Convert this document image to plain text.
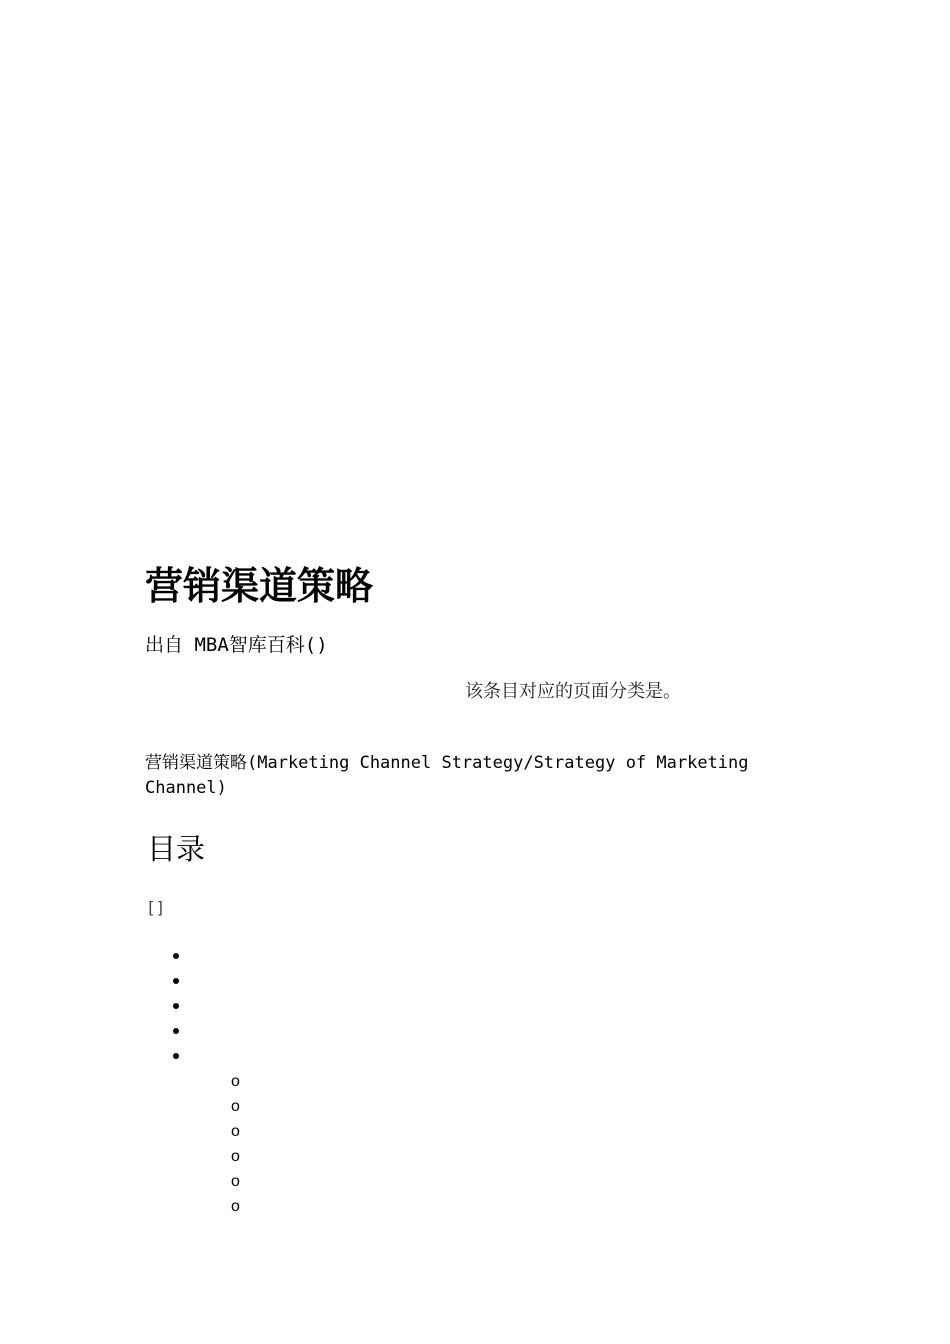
营销渠道策略

出自 MBA智库百科()

该条目对应的页面分类是。

营销渠道策略(Marketing Channel Strategy/Strategy of Marketing Channel)

目录
[]
o
o
o
o
o
o
